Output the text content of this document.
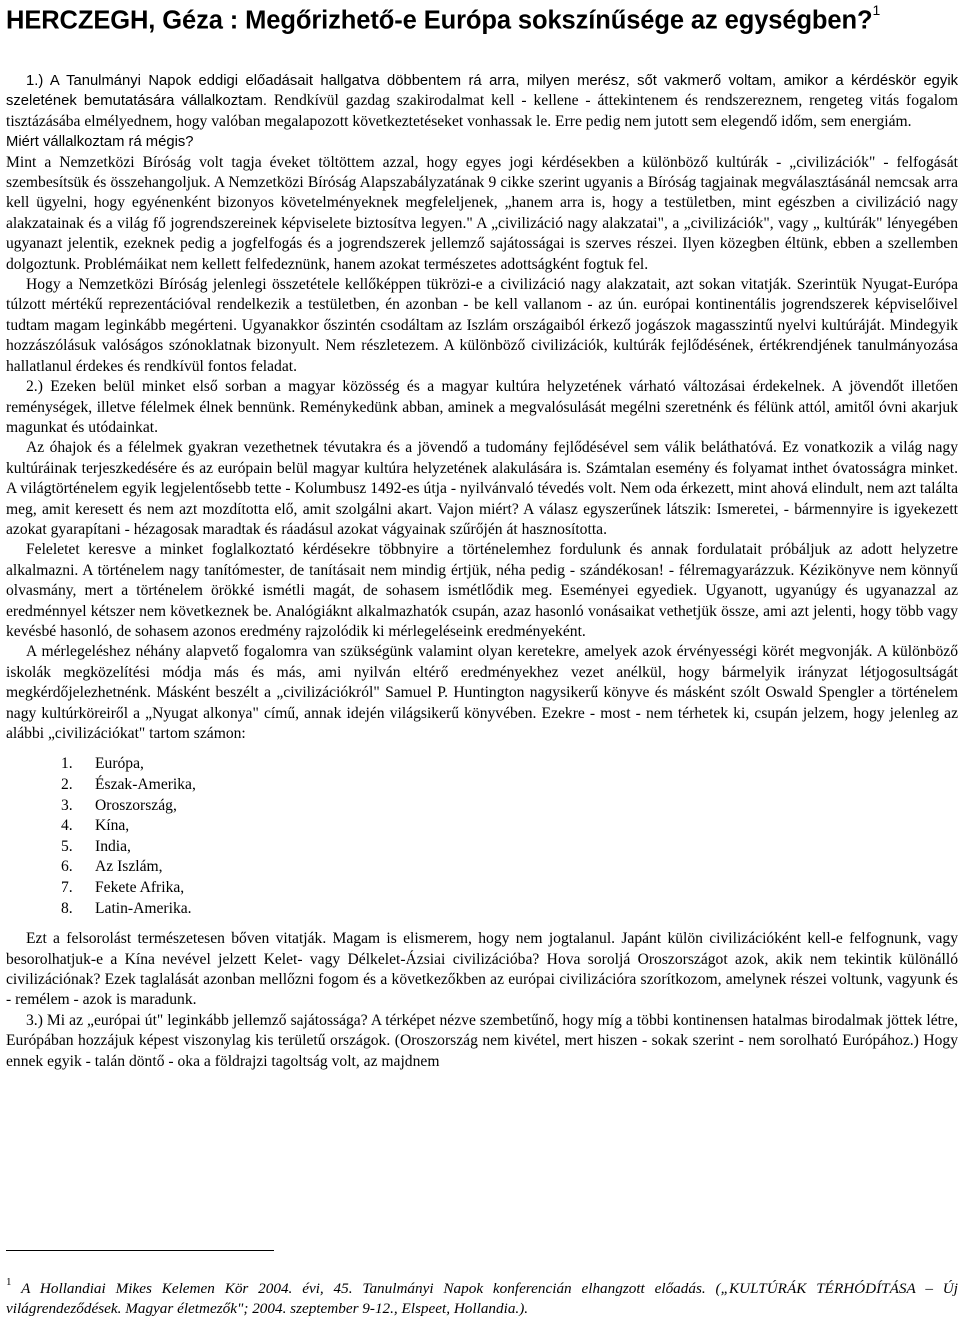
HERCZEGH, Géza : Megőrizhető-e Európa sokszínűsége az egységben?$^1$

1.) A Tanulmányi Napok eddigi előadásait hallgatva döbbentem rá arra, milyen merész, sőt vakmerő voltam, amikor a kérdéskör egyik szeletének bemutatására vállalkoztam. Rendkívül gazdag szakirodalmat kell - kellene - áttekintenem és rendszereznem, rengeteg vitás fogalom tisztázásába elmélyednem, hogy valóban megalapozott következtetéseket vonhassak le. Erre pedig nem jutott sem elegendő időm, sem energiám.

Miért vállalkoztam rá mégis?

Mint a Nemzetközi Bíróság volt tagja éveket töltöttem azzal, hogy egyes jogi kérdésekben a különböző kultúrák - „civilizációk" - felfogását szembesítsük és összehangoljuk. A Nemzetközi Bíróság Alapszabályzatának 9 cikke szerint ugyanis a Bíróság tagjainak megválasztásánál nemcsak arra kell ügyelni, hogy egyénenként bizonyos követelményeknek megfeleljenek, „hanem arra is, hogy a testületben, mint egészben a civilizáció nagy alakzatainak és a világ fő jogrendszereinek képviselete biztosítva legyen." A „civilizáció nagy alakzatai", a „civilizációk", vagy „ kultúrák" lényegében ugyanazt jelentik, ezeknek pedig a jogfelfogás és a jogrendszerek jellemző sajátosságai is szerves részei. Ilyen közegben éltünk, ebben a szellemben dolgoztunk. Problémáikat nem kellett felfedeznünk, hanem azokat természetes adottságként fogtuk fel.

Hogy a Nemzetközi Bíróság jelenlegi összetétele kellőképpen tükrözi-e a civilizáció nagy alakzatait, azt sokan vitatják. Szerintük Nyugat-Európa túlzott mértékű reprezentációval rendelkezik a testületben, én azonban - be kell vallanom - az ún. európai kontinentális jogrendszerek képviselőivel tudtam magam leginkább megérteni. Ugyanakkor őszintén csodáltam az Iszlám országaiból érkező jogászok magasszintű nyelvi kultúráját. Mindegyik hozzászólásuk valóságos szónoklatnak bizonyult. Nem részletezem. A különböző civilizációk, kultúrák fejlődésének, értékrendjének tanulmányozása hallatlanul érdekes és rendkívül fontos feladat.

2.) Ezeken belül minket első sorban a magyar közösség és a magyar kultúra helyzetének várható változásai érdekelnek. A jövendőt illetően reménységek, illetve félelmek élnek bennünk. Reménykedünk abban, aminek a megvalósulását megélni szeretnénk és félünk attól, amitől óvni akarjuk magunkat és utódainkat.

Az óhajok és a félelmek gyakran vezethetnek tévutakra és a jövendő a tudomány fejlődésével sem válik beláthatóvá. Ez vonatkozik a világ nagy kultúráinak terjeszkedésére és az európain belül magyar kultúra helyzetének alakulására is. Számtalan esemény és folyamat inthet óvatosságra minket. A világtörténelem egyik legjelentősebb tette - Kolumbusz 1492-es útja - nyilvánvaló tévedés volt. Nem oda érkezett, mint ahová elindult, nem azt találta meg, amit keresett és nem azt mozdította elő, amit szolgálni akart. Vajon miért? A válasz egyszerűnek látszik: Ismeretei, - bármennyire is igyekezett azokat gyarapítani - hézagosak maradtak és ráadásul azokat vágyainak szűrőjén át hasznosította.

Feleletet keresve a minket foglalkoztató kérdésekre többnyire a történelemhez fordulunk és annak fordulatait próbáljuk az adott helyzetre alkalmazni. A történelem nagy tanítómester, de tanításait nem mindig értjük, néha pedig - szándékosan! - félremagyarázzuk. Kézikönyve nem könnyű olvasmány, mert a történelem örökké ismétli magát, de sohasem ismétlődik meg. Eseményei egyediek. Ugyanott, ugyanúgy és ugyanazzal az eredménnyel kétszer nem következnek be. Analógiáknt alkalmazhatók csupán, azaz hasonló vonásaikat vethetjük össze, ami azt jelenti, hogy több vagy kevésbé hasonló, de sohasem azonos eredmény rajzolódik ki mérlegeléseink eredményeként.

A mérlegeléshez néhány alapvető fogalomra van szükségünk valamint olyan keretekre, amelyek azok érvényességi körét megvonják. A különböző iskolák megközelítési módja más és más, ami nyilván eltérő eredményekhez vezet anélkül, hogy bármelyik irányzat létjogosultságát megkérdőjelezhetnénk. Másként beszélt a „civilizációkról" Samuel P. Huntington nagysikerű könyve és másként szólt Oswald Spengler a történelem nagy kultúrköreiről a „Nyugat alkonya" című, annak idején világsikerű könyvében. Ezekre - most - nem térhetek ki, csupán jelzem, hogy jelenleg az alábbi „civilizációkat" tartom számon:

1. Európa,
2. Észak-Amerika,
3. Oroszország,
4. Kína,
5. India,
6. Az Iszlám,
7. Fekete Afrika,
8. Latin-Amerika.

Ezt a felsorolást természetesen bőven vitatják. Magam is elismerem, hogy nem jogtalanul. Japánt külön civilizációként kell-e felfognunk, vagy besorolhatjuk-e a Kína nevével jelzett Kelet- vagy Délkelet-Ázsiai civilizációba? Hova soroljá Oroszországot azok, akik nem tekintik különálló civilizációnak? Ezek taglalását azonban mellőzni fogom és a következőkben az európai civilizációra szorítkozom, amelynek részei voltunk, vagyunk és - remélem - azok is maradunk.

3.) Mi az „európai út" leginkább jellemző sajátossága? A térképet nézve szembetűnő, hogy míg a többi kontinensen hatalmas birodalmak jöttek létre, Európában hozzájuk képest viszonylag kis területű országok. (Oroszország nem kivétel, mert hiszen - sokak szerint - nem sorolható Európához.) Hogy ennek egyik - talán döntő - oka a földrajzi tagoltság volt, az majdnem

$^1$ A Hollandiai Mikes Kelemen Kör 2004. évi, 45. Tanulmányi Napok konferencián elhangzott előadás. („KULTÚRÁK TÉRHÓDÍTÁSA – Új világrendeződések. Magyar életmezők"; 2004. szeptember 9-12., Elspeet, Hollandia.).
